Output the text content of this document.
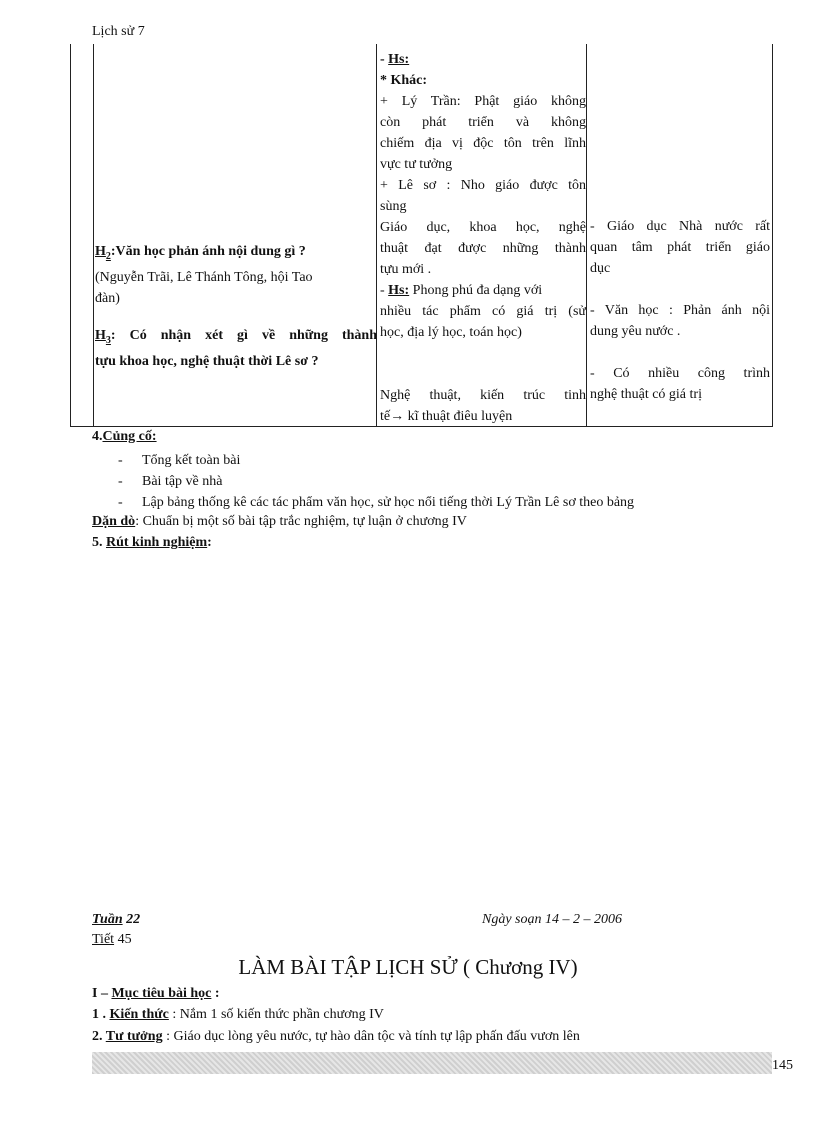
Lịch sử 7
$H_2:Văn$ học phản ánh nội dung gì ?
(Nguyễn Trãi, Lê Thánh Tông, hội Tao
đàn)
$H_3$: Có nhận xét gì về những thành
tựu khoa học, nghệ thuật thời Lê sơ ?
- Hs:
* Khác:
+ Lý Trần: Phật giáo không
còn phát triển và không
chiếm địa vị độc tôn trên lĩnh
vực tư tưởng
+ Lê sơ : Nho giáo được tôn
sùng
Giáo dục, khoa học, nghệ
thuật đạt được những thành
tựu mới .
- Hs: Phong phú đa dạng với
nhiều tác phẩm có giá trị (sử
học, địa lý học, toán học)
Nghệ thuật, kiến trúc tinh
tế→ kĩ thuật điêu luyện
- Giáo dục Nhà nước rất
quan tâm phát triển giáo
dục
- Văn học : Phản ánh nội
dung yêu nước .
- Có nhiều công trình
nghệ thuật có giá trị
4.Củng cố:
- Tổng kết toàn bài
- Bài tập về nhà
- Lập bảng thống kê các tác phẩm văn học, sử học nổi tiếng thời Lý Trần Lê sơ theo bảng
Dặn dò: Chuẩn bị một số bài tập trắc nghiệm, tự luận ở chương IV
5. Rút kinh nghiệm:
Tuần 22	Ngày soạn 14 – 2 – 2006
Tiết 45
LÀM BÀI TẬP LỊCH SỬ ( Chương IV)
I – Mục tiêu bài học :
1 . Kiến thức : Nắm 1 số kiến thức phần chương IV
2. Tư tưởng : Giáo dục lòng yêu nước, tự hào dân tộc và tính tự lập phấn đấu vươn lên
145
